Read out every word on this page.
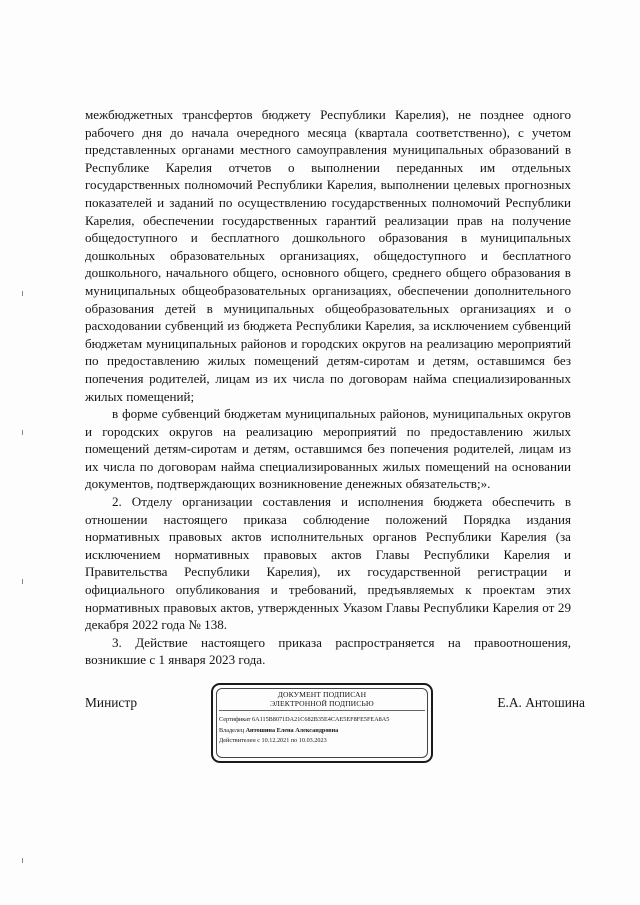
межбюджетных трансфертов бюджету Республики Карелия), не позднее одного рабочего дня до начала очередного месяца (квартала соответственно), с учетом представленных органами местного самоуправления муниципальных образований в Республике Карелия отчетов о выполнении переданных им отдельных государственных полномочий Республики Карелия, выполнении целевых прогнозных показателей и заданий по осуществлению государственных полномочий Республики Карелия, обеспечении государственных гарантий реализации прав на получение общедоступного и бесплатного дошкольного образования в муниципальных дошкольных образовательных организациях, общедоступного и бесплатного дошкольного, начального общего, основного общего, среднего общего образования в муниципальных общеобразовательных организациях, обеспечении дополнительного образования детей в муниципальных общеобразовательных организациях и о расходовании субвенций из бюджета Республики Карелия, за исключением субвенций бюджетам муниципальных районов и городских округов на реализацию мероприятий по предоставлению жилых помещений детям-сиротам и детям, оставшимся без попечения родителей, лицам из их числа по договорам найма специализированных жилых помещений;

в форме субвенций бюджетам муниципальных районов, муниципальных округов и городских округов на реализацию мероприятий по предоставлению жилых помещений детям-сиротам и детям, оставшимся без попечения родителей, лицам из их числа по договорам найма специализированных жилых помещений на основании документов, подтверждающих возникновение денежных обязательств;».

2. Отделу организации составления и исполнения бюджета обеспечить в отношении настоящего приказа соблюдение положений Порядка издания нормативных правовых актов исполнительных органов Республики Карелия (за исключением нормативных правовых актов Главы Республики Карелия и Правительства Республики Карелия), их государственной регистрации и официального опубликования и требований, предъявляемых к проектам этих нормативных правовых актов, утвержденных Указом Главы Республики Карелия от 29 декабря 2022 года № 138.

3. Действие настоящего приказа распространяется на правоотношения, возникшие с 1 января 2023 года.

Министр
ДОКУМЕНТ ПОДПИСАН
ЭЛЕКТРОННОЙ ПОДПИСЬЮ
Сертификат 6A115B8071DA21C682B35E4CAE5EF8FE5FEA8A5
Владелец Антошина Елена Александровна
Действителен с 10.12.2021 по 10.03.2023
Е.А. Антошина
